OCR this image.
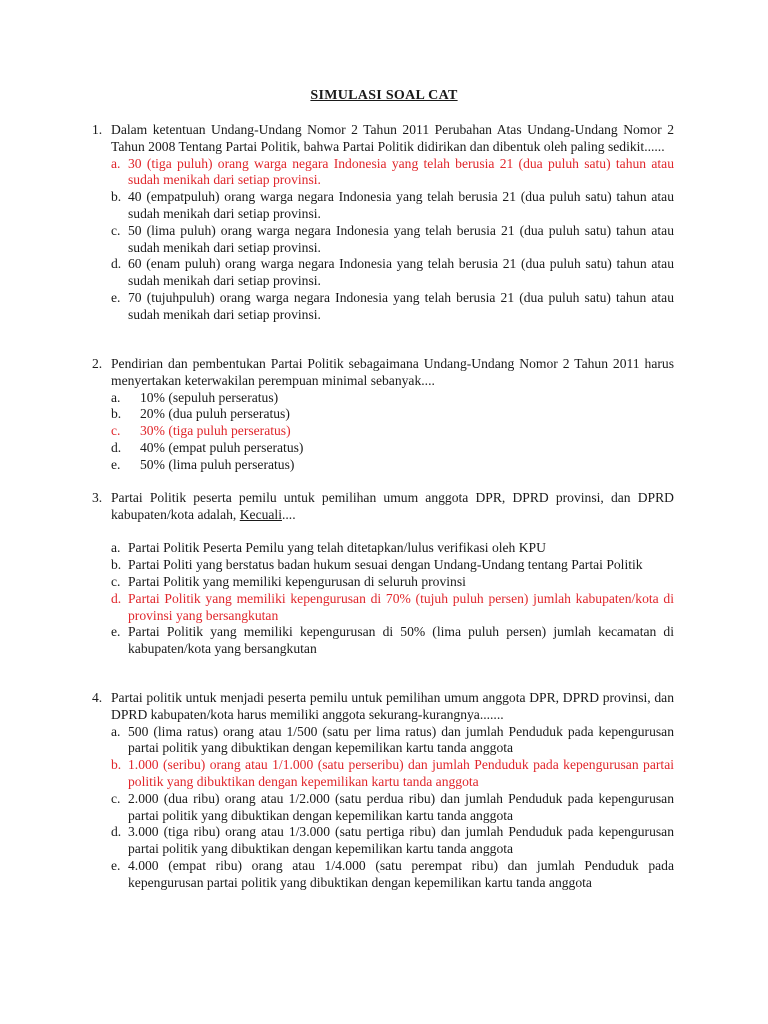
SIMULASI SOAL CAT
1. Dalam ketentuan Undang-Undang Nomor 2 Tahun 2011 Perubahan Atas Undang-Undang Nomor 2 Tahun 2008 Tentang Partai Politik, bahwa Partai Politik didirikan dan dibentuk oleh paling sedikit......
a. 30 (tiga puluh) orang warga negara Indonesia yang telah berusia 21 (dua puluh satu) tahun atau sudah menikah dari setiap provinsi.
b. 40 (empatpuluh) orang warga negara Indonesia yang telah berusia 21 (dua puluh satu) tahun atau sudah menikah dari setiap provinsi.
c. 50 (lima puluh) orang warga negara Indonesia yang telah berusia 21 (dua puluh satu) tahun atau sudah menikah dari setiap provinsi.
d. 60 (enam puluh) orang warga negara Indonesia yang telah berusia 21 (dua puluh satu) tahun atau sudah menikah dari setiap provinsi.
e. 70 (tujuhpuluh) orang warga negara Indonesia yang telah berusia 21 (dua puluh satu) tahun atau sudah menikah dari setiap provinsi.
2. Pendirian dan pembentukan Partai Politik sebagaimana Undang-Undang Nomor 2 Tahun 2011 harus menyertakan keterwakilan perempuan minimal sebanyak....
a.	10% (sepuluh perseratus)
b.	20% (dua puluh perseratus)
c.	30% (tiga puluh perseratus)
d.	40% (empat puluh perseratus)
e.	50% (lima puluh perseratus)
3. Partai Politik peserta pemilu untuk pemilihan umum anggota DPR, DPRD provinsi, dan DPRD kabupaten/kota adalah, Kecuali....
a. Partai Politik Peserta Pemilu yang telah ditetapkan/lulus verifikasi oleh KPU
b. Partai Politi yang berstatus badan hukum sesuai dengan Undang-Undang tentang Partai Politik
c. Partai Politik yang memiliki kepengurusan di seluruh provinsi
d. Partai Politik yang memiliki kepengurusan di 70% (tujuh puluh persen) jumlah kabupaten/kota di provinsi yang bersangkutan
e. Partai Politik yang memiliki kepengurusan di 50% (lima puluh persen) jumlah kecamatan di kabupaten/kota yang bersangkutan
4. Partai politik untuk menjadi peserta pemilu untuk pemilihan umum anggota DPR, DPRD provinsi, dan DPRD kabupaten/kota harus memiliki anggota sekurang-kurangnya.......
a. 500 (lima ratus) orang atau 1/500 (satu per lima ratus) dan jumlah Penduduk pada kepengurusan partai politik yang dibuktikan dengan kepemilikan kartu tanda anggota
b. 1.000 (seribu) orang atau 1/1.000 (satu perseribu) dan jumlah Penduduk pada kepengurusan partai politik yang dibuktikan dengan kepemilikan kartu tanda anggota
c. 2.000 (dua ribu) orang atau 1/2.000 (satu perdua ribu) dan jumlah Penduduk pada kepengurusan partai politik yang dibuktikan dengan kepemilikan kartu tanda anggota
d. 3.000 (tiga ribu) orang atau 1/3.000 (satu pertiga ribu) dan jumlah Penduduk pada kepengurusan partai politik yang dibuktikan dengan kepemilikan kartu tanda anggota
e. 4.000 (empat ribu) orang atau 1/4.000 (satu perempat ribu) dan jumlah Penduduk pada kepengurusan partai politik yang dibuktikan dengan kepemilikan kartu tanda anggota
